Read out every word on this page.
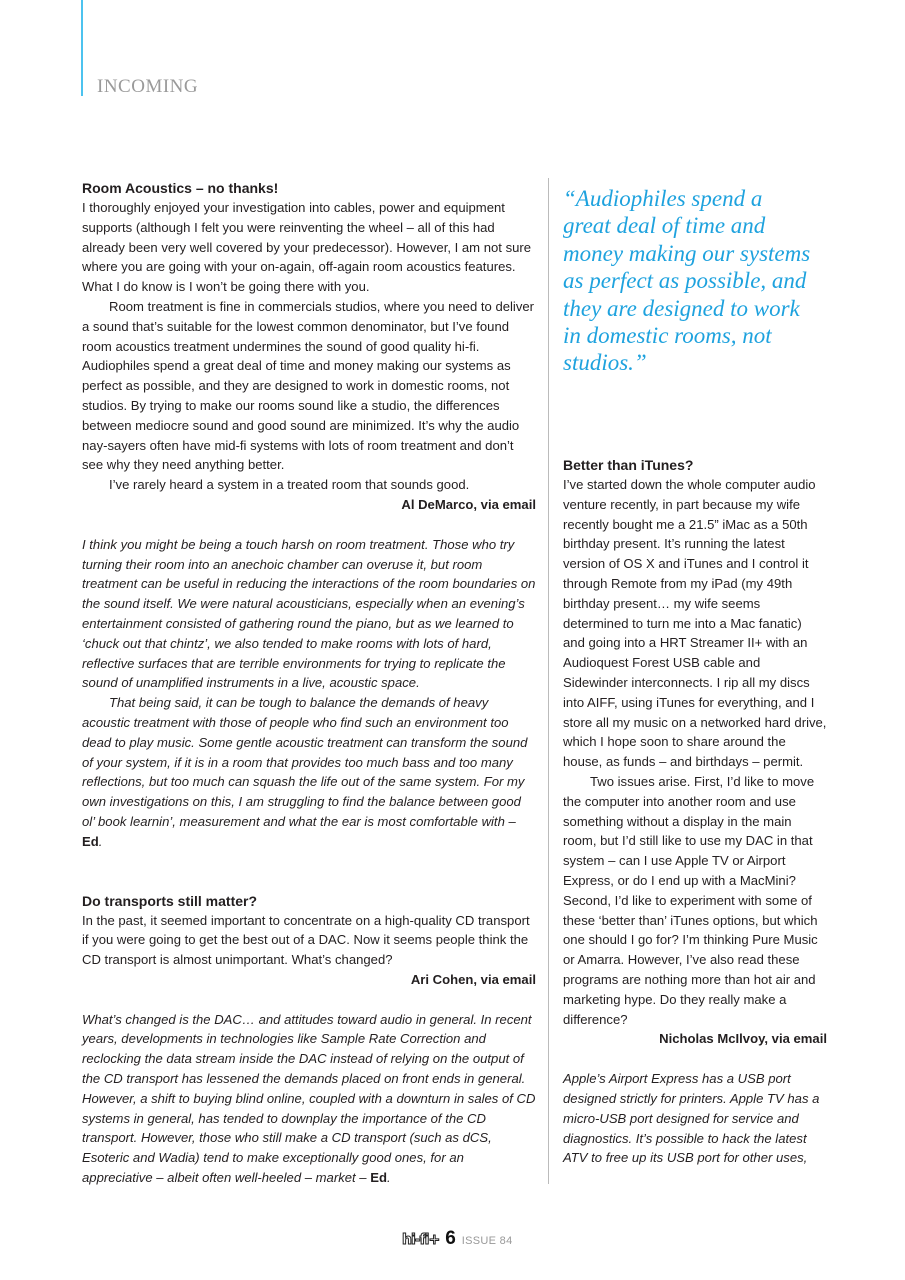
INCOMING
Room Acoustics – no thanks!

I thoroughly enjoyed your investigation into cables, power and equipment supports (although I felt you were reinventing the wheel – all of this had already been very well covered by your predecessor). However, I am not sure where you are going with your on-again, off-again room acoustics features. What I do know is I won’t be going there with you.

Room treatment is fine in commercials studios, where you need to deliver a sound that’s suitable for the lowest common denominator, but I’ve found room acoustics treatment undermines the sound of good quality hi-fi. Audiophiles spend a great deal of time and money making our systems as perfect as possible, and they are designed to work in domestic rooms, not studios. By trying to make our rooms sound like a studio, the differences between mediocre sound and good sound are minimized. It’s why the audio nay-sayers often have mid-fi systems with lots of room treatment and don’t see why they need anything better.

I’ve rarely heard a system in a treated room that sounds good.

Al DeMarco, via email

I think you might be being a touch harsh on room treatment. Those who try turning their room into an anechoic chamber can overuse it, but room treatment can be useful in reducing the interactions of the room boundaries on the sound itself. We were natural acousticians, especially when an evening’s entertainment consisted of gathering round the piano, but as we learned to ‘chuck out that chintz’, we also tended to make rooms with lots of hard, reflective surfaces that are terrible environments for trying to replicate the sound of unamplified instruments in a live, acoustic space.

That being said, it can be tough to balance the demands of heavy acoustic treatment with those of people who find such an environment too dead to play music. Some gentle acoustic treatment can transform the sound of your system, if it is in a room that provides too much bass and too many reflections, but too much can squash the life out of the same system. For my own investigations on this, I am struggling to find the balance between good ol’ book learnin’, measurement and what the ear is most comfortable with – Ed.

Do transports still matter?

In the past, it seemed important to concentrate on a high-quality CD transport if you were going to get the best out of a DAC. Now it seems people think the CD transport is almost unimportant. What’s changed?

Ari Cohen, via email

What’s changed is the DAC… and attitudes toward audio in general. In recent years, developments in technologies like Sample Rate Correction and reclocking the data stream inside the DAC instead of relying on the output of the CD transport has lessened the demands placed on front ends in general. However, a shift to buying blind online, coupled with a downturn in sales of CD systems in general, has tended to downplay the importance of the CD transport. However, those who still make a CD transport (such as dCS, Esoteric and Wadia) tend to make exceptionally good ones, for an appreciative – albeit often well-heeled – market – Ed.

“Audiophiles spend a great deal of time and money making our systems as perfect as possible, and they are designed to work in domestic rooms, not studios.”
Better than iTunes?

I’ve started down the whole computer audio venture recently, in part because my wife recently bought me a 21.5” iMac as a 50th birthday present. It’s running the latest version of OS X and iTunes and I control it through Remote from my iPad (my 49th birthday present… my wife seems determined to turn me into a Mac fanatic) and going into a HRT Streamer II+ with an Audioquest Forest USB cable and Sidewinder interconnects. I rip all my discs into AIFF, using iTunes for everything, and I store all my music on a networked hard drive, which I hope soon to share around the house, as funds – and birthdays – permit.

Two issues arise. First, I’d like to move the computer into another room and use something without a display in the main room, but I’d still like to use my DAC in that system – can I use Apple TV or Airport Express, or do I end up with a MacMini? Second, I’d like to experiment with some of these ‘better than’ iTunes options, but which one should I go for? I’m thinking Pure Music or Amarra. However, I’ve also read these programs are nothing more than hot air and marketing hype. Do they really make a difference?

Nicholas McIlvoy, via email

Apple’s Airport Express has a USB port designed strictly for printers. Apple TV has a micro-USB port designed for service and diagnostics. It’s possible to hack the latest ATV to free up its USB port for other uses,

hi-fi+ 6 ISSUE 84
